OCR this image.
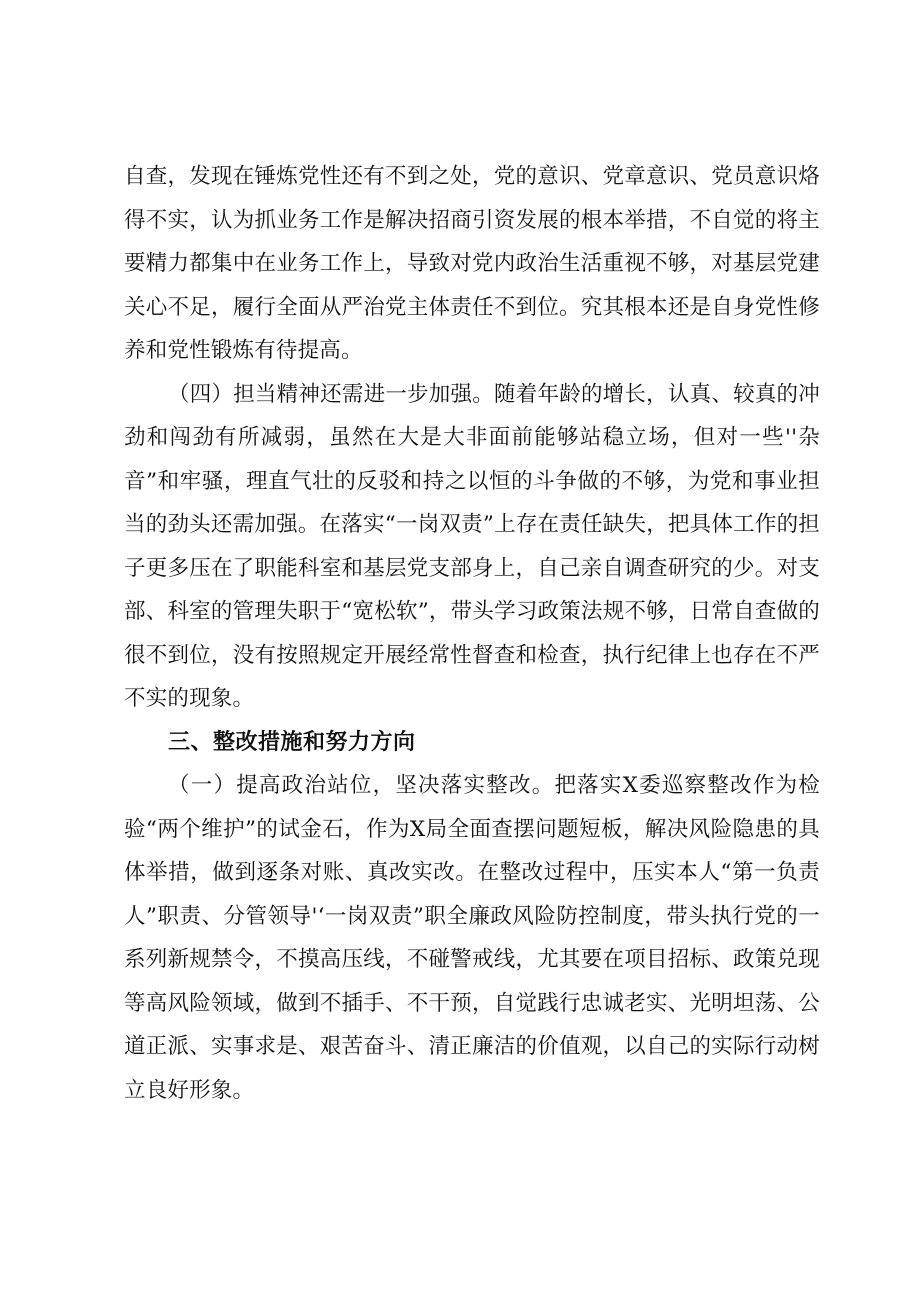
自查，发现在锤炼党性还有不到之处，党的意识、党章意识、党员意识烙得不实，认为抓业务工作是解决招商引资发展的根本举措，不自觉的将主要精力都集中在业务工作上，导致对党内政治生活重视不够，对基层党建关心不足，履行全面从严治党主体责任不到位。究其根本还是自身党性修养和党性锻炼有待提高。

（四）担当精神还需进一步加强。随着年龄的增长，认真、较真的冲劲和闯劲有所减弱，虽然在大是大非面前能够站稳立场，但对一些''杂音”和牢骚，理直气壮的反驳和持之以恒的斗争做的不够，为党和事业担当的劲头还需加强。在落实“一岗双责”上存在责任缺失，把具体工作的担子更多压在了职能科室和基层党支部身上，自己亲自调查研究的少。对支部、科室的管理失职于“宽松软”，带头学习政策法规不够，日常自查做的很不到位，没有按照规定开展经常性督查和检查，执行纪律上也存在不严不实的现象。

三、整改措施和努力方向

（一）提高政治站位，坚决落实整改。把落实X委巡察整改作为检验“两个维护”的试金石，作为X局全面查摆问题短板，解决风险隐患的具体举措，做到逐条对账、真改实改。在整改过程中，压实本人“第一负责人”职责、分管领导'‘一岗双责”职全廉政风险防控制度，带头执行党的一系列新规禁令，不摸高压线，不碰警戒线，尤其要在项目招标、政策兑现等高风险领域，做到不插手、不干预，自觉践行忠诚老实、光明坦荡、公道正派、实事求是、艰苦奋斗、清正廉洁的价值观，以自己的实际行动树立良好形象。
